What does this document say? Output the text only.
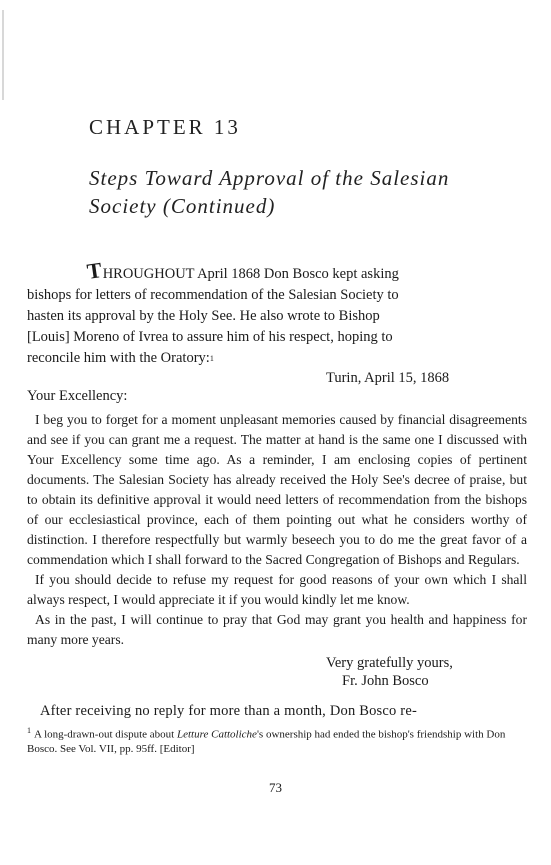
CHAPTER 13
Steps Toward Approval of the Salesian
Society (Continued)
THROUGHOUT April 1868 Don Bosco kept asking
bishops for letters of recommendation of the Salesian Society to
hasten its approval by the Holy See. He also wrote to Bishop
[Louis] Moreno of Ivrea to assure him of his respect, hoping to
reconcile him with the Oratory: 1
Turin, April 15, 1868
Your Excellency:

I beg you to forget for a moment unpleasant memories caused by financial disagreements and see if you can grant me a request. The matter at hand is the same one I discussed with Your Excellency some time ago. As a reminder, I am enclosing copies of pertinent documents. The Salesian Society has already received the Holy See's decree of praise, but to obtain its definitive approval it would need letters of recommendation from the bishops of our ecclesiastical province, each of them pointing out what he considers worthy of distinction. I therefore respectfully but warmly beseech you to do me the great favor of a commendation which I shall forward to the Sacred Congregation of Bishops and Regulars.

If you should decide to refuse my request for good reasons of your own which I shall always respect, I would appreciate it if you would kindly let me know.

As in the past, I will continue to pray that God may grant you health and happiness for many more years.

Very gratefully yours,
Fr. John Bosco
After receiving no reply for more than a month, Don Bosco re-
$^1$ A long-drawn-out dispute about Letture Cattoliche's ownership had ended the bishop's friendship with Don Bosco. See Vol. VII, pp. 95ff. [Editor]
73
